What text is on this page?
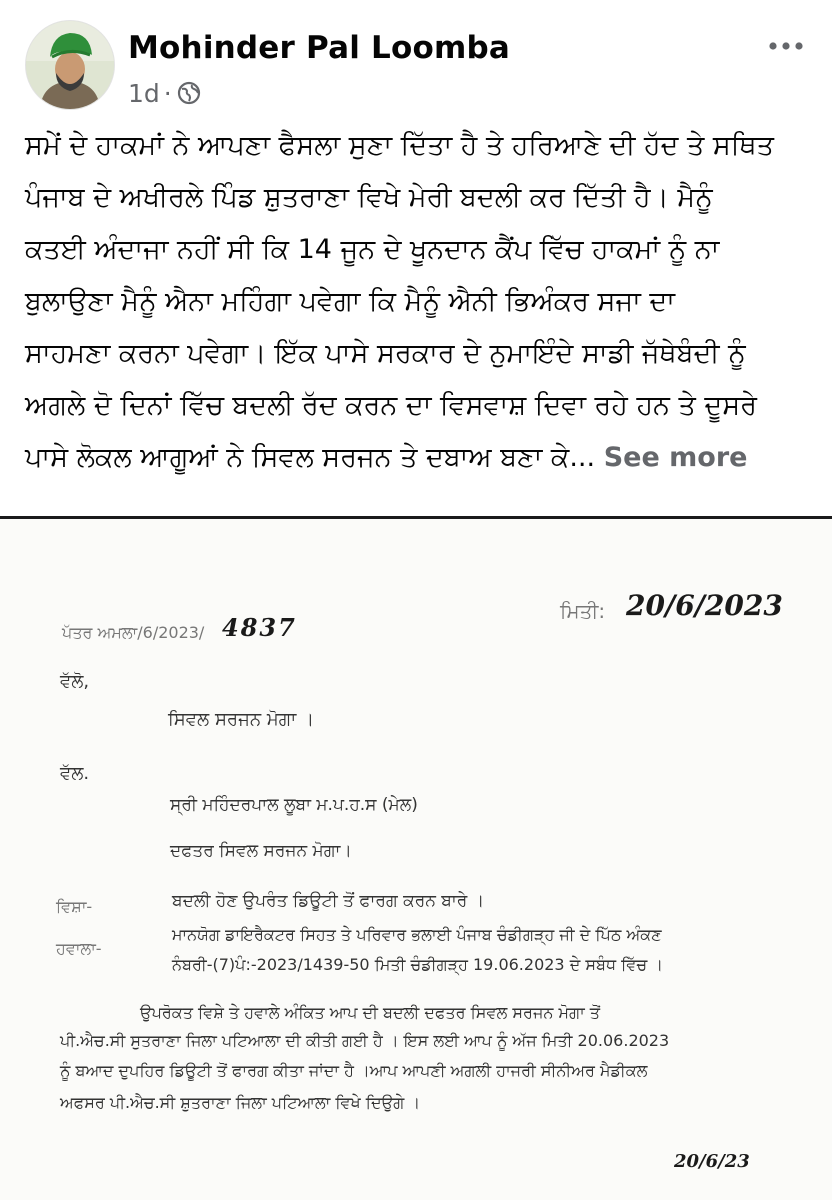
Mohinder Pal Loomba
1d ·
ਸਮੇਂ ਦੇ ਹਾਕਮਾਂ ਨੇ ਆਪਣਾ ਫੈਸਲਾ ਸੁਣਾ ਦਿੱਤਾ ਹੈ ਤੇ ਹਰਿਆਣੇ ਦੀ ਹੱਦ ਤੇ ਸਥਿਤ
ਪੰਜਾਬ ਦੇ ਅਖੀਰਲੇ ਪਿੰਡ ਸ਼ੁਤਰਾਣਾ ਵਿਖੇ ਮੇਰੀ ਬਦਲੀ ਕਰ ਦਿੱਤੀ ਹੈ। ਮੈਨੂੰ
ਕਤਈ ਅੰਦਾਜਾ ਨਹੀਂ ਸੀ ਕਿ 14 ਜੂਨ ਦੇ ਖੂਨਦਾਨ ਕੈਂਪ ਵਿੱਚ ਹਾਕਮਾਂ ਨੂੰ ਨਾ
ਬੁਲਾਉਣਾ ਮੈਨੂੰ ਐਨਾ ਮਹਿੰਗਾ ਪਵੇਗਾ ਕਿ ਮੈਨੂੰ ਐਨੀ ਭਿਅੰਕਰ ਸਜਾ ਦਾ
ਸਾਹਮਣਾ ਕਰਨਾ ਪਵੇਗਾ। ਇੱਕ ਪਾਸੇ ਸਰਕਾਰ ਦੇ ਨੁਮਾਇੰਦੇ ਸਾਡੀ ਜੱਥੇਬੰਦੀ ਨੂੰ
ਅਗਲੇ ਦੋ ਦਿਨਾਂ ਵਿੱਚ ਬਦਲੀ ਰੱਦ ਕਰਨ ਦਾ ਵਿਸਵਾਸ਼ ਦਿਵਾ ਰਹੇ ਹਨ ਤੇ ਦੂਸਰੇ
ਪਾਸੇ ਲੋਕਲ ਆਗੂਆਂ ਨੇ ਸਿਵਲ ਸਰਜਨ ਤੇ ਦਬਾਅ ਬਣਾ ਕੇ... See more
ਮਿਤੀ: 20/6/2023
ਪੱਤਰ ਅਮਲਾ/6/2023/ 4837
ਵੱਲੋ,
ਸਿਵਲ ਸਰਜਨ ਮੋਗਾ ।
ਵੱਲ.
ਸ੍ਰੀ ਮਹਿੰਦਰਪਾਲ ਲੂਬਾ ਮ.ਪ.ਹ.ਸ (ਮੇਲ)
ਦਫਤਰ ਸਿਵਲ ਸਰਜਨ ਮੋਗਾ।
ਵਿਸ਼ਾ-	ਬਦਲੀ ਹੋਣ ਉਪਰੰਤ ਡਿਊਟੀ ਤੋਂ ਫਾਰਗ ਕਰਨ ਬਾਰੇ ।
ਹਵਾਲਾ-
ਮਾਨਯੋਗ ਡਾਇਰੈਕਟਰ ਸਿਹਤ ਤੇ ਪਰਿਵਾਰ ਭਲਾਈ ਪੰਜਾਬ ਚੰਡੀਗੜ੍ਹ ਜੀ ਦੇ ਪਿੱਠ ਅੰਕਣ
ਨੰਬਰੀ-(7)ਪੰ:-2023/1439-50 ਮਿਤੀ ਚੰਡੀਗੜ੍ਹ 19.06.2023 ਦੇ ਸਬੰਧ ਵਿੱਚ ।
ਉਪਰੋਕਤ ਵਿਸ਼ੇ ਤੇ ਹਵਾਲੇ ਅੰਕਿਤ ਆਪ ਦੀ ਬਦਲੀ ਦਫਤਰ ਸਿਵਲ ਸਰਜਨ ਮੋਗਾ ਤੋਂ
ਪੀ.ਐਚ.ਸੀ ਸੁਤਰਾਣਾ ਜਿਲਾ ਪਟਿਆਲਾ ਦੀ ਕੀਤੀ ਗਈ ਹੈ । ਇਸ ਲਈ ਆਪ ਨੂੰ ਅੱਜ ਮਿਤੀ 20.06.2023
ਨੂੰ ਬਆਦ ਦੁਪਹਿਰ ਡਿਊਟੀ ਤੋਂ ਫਾਰਗ ਕੀਤਾ ਜਾਂਦਾ ਹੈ ।ਆਪ ਆਪਣੀ ਅਗਲੀ ਹਾਜਰੀ ਸੀਨੀਅਰ ਮੈਡੀਕਲ
ਅਫਸਰ ਪੀ.ਐਚ.ਸੀ ਸ਼ੁਤਰਾਣਾ ਜਿਲਾ ਪਟਿਆਲਾ ਵਿਖੇ ਦਿਉਗੇ ।
20/6/23
